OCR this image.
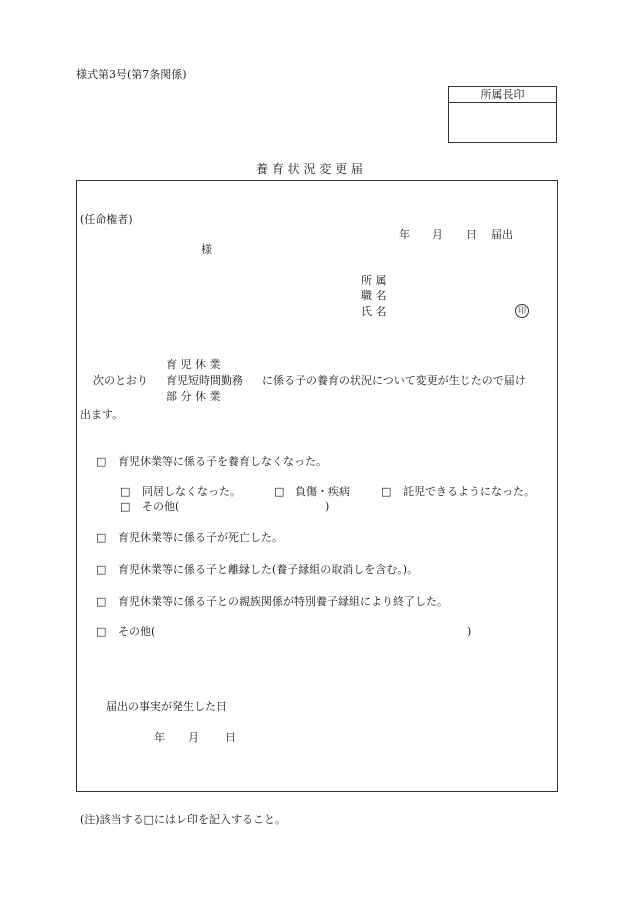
様式第3号(第7条関係)
所属長印
養 育 状 況 変 更 届
(任命権者)
様
年 月 日 届出
所 属
職 名
氏 名	印
次のとおり
育 児 休 業
育児短時間勤務
部 分 休 業
に係る子の養育の状況について変更が生じたので届け
出ます。
□ 育児休業等に係る子を養育しなくなった。
□ 同居しなくなった。	□ 負傷・疾病	□ 託児できるようになった。
□ その他(	)
□ 育児休業等に係る子が死亡した。
□ 育児休業等に係る子と離縁した(養子縁組の取消しを含む。)。
□ 育児休業等に係る子との親族関係が特別養子縁組により終了した。
□ その他(	)
届出の事実が発生した日
年 月 日
(注)該当する□にはレ印を記入すること。
